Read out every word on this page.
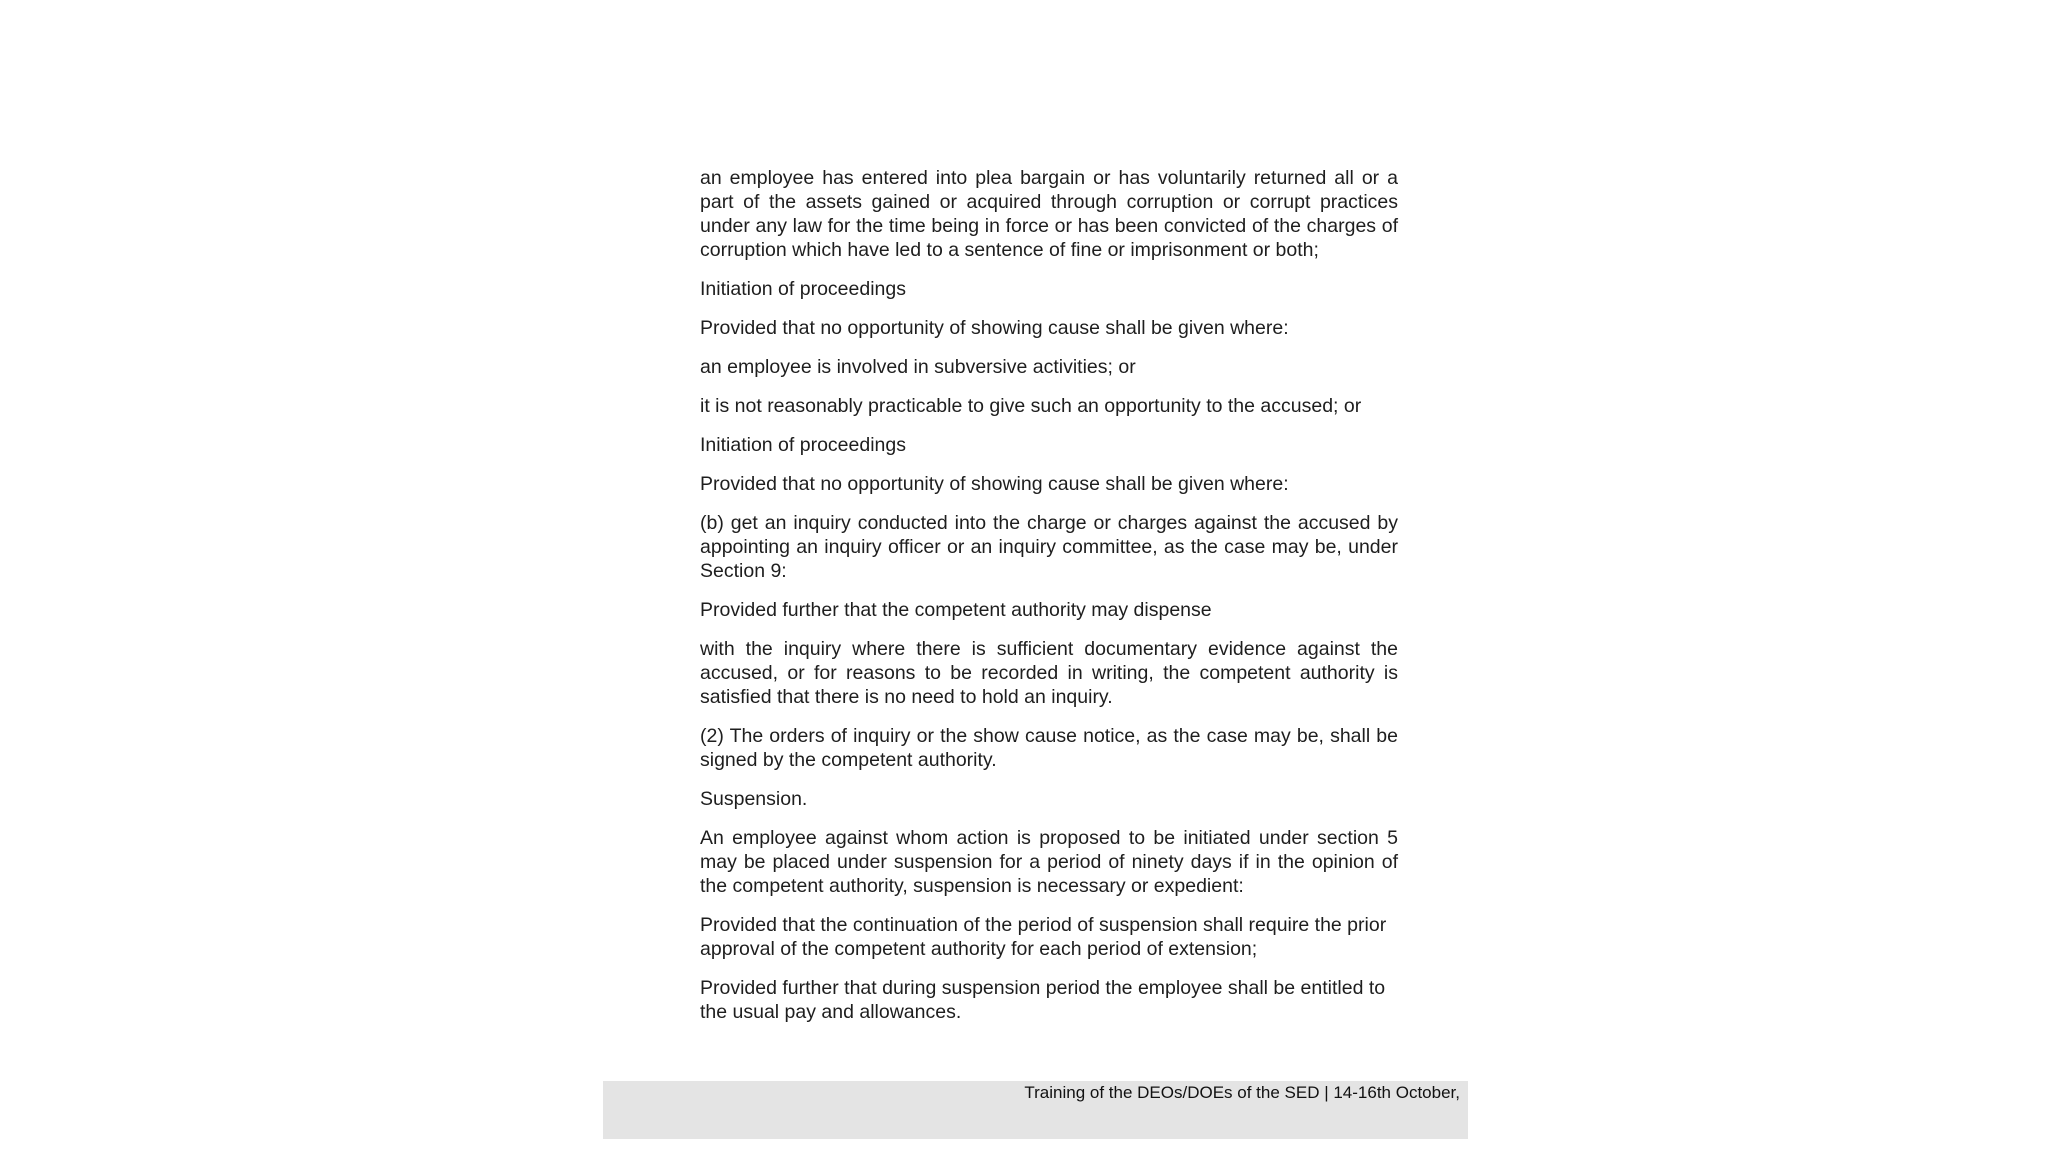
an employee has entered into plea bargain or has voluntarily returned all or a part of the assets gained or acquired through corruption or corrupt practices under any law for the time being in force or has been convicted of the charges of corruption which have led to a sentence of fine or imprisonment or both;

Initiation of proceedings

Provided that no opportunity of showing cause shall be given where:

an employee is involved in subversive activities; or

it is not reasonably practicable to give such an opportunity to the accused; or

Initiation of proceedings

Provided that no opportunity of showing cause shall be given where:

(b) get an inquiry conducted into the charge or charges against the accused by appointing an inquiry officer or an inquiry committee, as the case may be, under Section 9:

Provided further that the competent authority may dispense

with the inquiry where there is sufficient documentary evidence against the accused, or for reasons to be recorded in writing, the competent authority is satisfied that there is no need to hold an inquiry.

(2) The orders of inquiry or the show cause notice, as the case may be, shall be signed by the competent authority.

Suspension.

An employee against whom action is proposed to be initiated under section 5 may be placed under suspension for a period of ninety days if in the opinion of the competent authority, suspension is necessary or expedient:

Provided that the continuation of the period of suspension shall require the prior approval of the competent authority for each period of extension;

Provided further that during suspension period the employee shall be entitled to the usual pay and allowances.

Training of the DEOs/DOEs of the SED | 14-16th October,
